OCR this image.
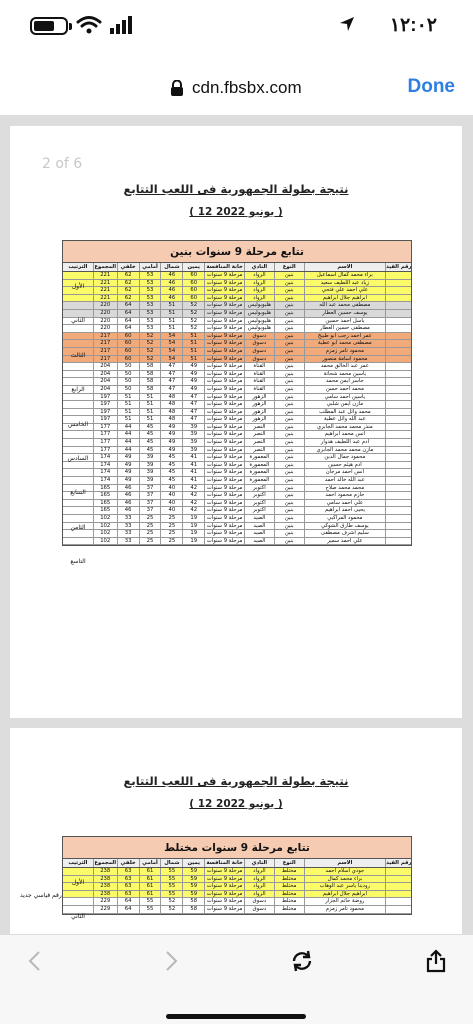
١٢:٠٢
cdn.fbsbx.com	Done
2 of 6
نتيجة بطولة الجمهورية فى اللعب التتابع
( 12 يونيو 2022 )
تتابع مرحلة 9 سنوات بنين
رقم القيد
الاسم
النوع
النادي
خانة المنافسة
يمين
شمال
أمامي
خلفي
المجموع
الترتيب
براء محمد كمال اسماعيل
بنين
الرواد
مرحلة 9 سنوات
60
46
53
62
221
زياد عبد اللطيف سعيد
بنين
الرواد
مرحلة 9 سنوات
60
46
53
62
221
علي أحمد علي فتحي
بنين
الرواد
مرحلة 9 سنوات
60
46
53
62
221
ابراهيم جلال ابراهيم
بنين
الرواد
مرحلة 9 سنوات
60
46
53
62
221
مصطفى محمد عبد الله
بنين
هليوبوليس
مرحلة 9 سنوات
52
51
53
64
220
يوسف حسين العطار
بنين
هليوبوليس
مرحلة 9 سنوات
52
51
53
64
220
باسل أحمد حسين
بنين
هليوبوليس
مرحلة 9 سنوات
52
51
53
64
220
مصطفى حسين العطار
بنين
هليوبوليس
مرحلة 9 سنوات
52
51
53
64
220
عمر أحمد رجب أبو طبيخ
بنين
دسوق
مرحلة 9 سنوات
51
54
52
60
217
مصطفى محمد أبو عطية
بنين
دسوق
مرحلة 9 سنوات
51
54
52
60
217
محمود تامر زمزم
بنين
دسوق
مرحلة 9 سنوات
51
54
52
60
217
محمود أسامة منصور
بنين
دسوق
مرحلة 9 سنوات
51
54
52
60
217
عمر عبد الخالق محمد
بنين
القناة
مرحلة 9 سنوات
49
47
58
50
204
ياسين محمد شحاتة
بنين
القناة
مرحلة 9 سنوات
49
47
58
50
204
جاسر أيمن محمد
بنين
القناة
مرحلة 9 سنوات
49
47
58
50
204
محمد أحمد حسن
بنين
القناة
مرحلة 9 سنوات
49
47
58
50
204
ياسين أحمد سامي
بنين
الزهور
مرحلة 9 سنوات
47
48
51
51
197
مازن أيمن شلبي
بنين
الزهور
مرحلة 9 سنوات
47
48
51
51
197
محمد وائل عبد المطلب
بنين
الزهور
مرحلة 9 سنوات
47
48
51
51
197
عبد الله وائل عطية
بنين
الزهور
مرحلة 9 سنوات
47
48
51
51
197
منذر محمد محمد الجابري
بنين
النصر
مرحلة 9 سنوات
39
49
45
44
177
أنس محمد ابراهيم
بنين
النصر
مرحلة 9 سنوات
39
49
45
44
177
آدم عبد اللطيف هدوار
بنين
النصر
مرحلة 9 سنوات
39
49
45
44
177
مازن محمد محمد الجابري
بنين
النصر
مرحلة 9 سنوات
39
49
45
44
177
محمود جمال الدين
بنين
المعمورة
مرحلة 9 سنوات
41
45
39
49
174
آدم هيثم حسين
بنين
المعمورة
مرحلة 9 سنوات
41
45
39
49
174
انس أحمد مرجان
بنين
المعمورة
مرحلة 9 سنوات
41
45
39
49
174
عبد الله خالد أحمد
بنين
المعمورة
مرحلة 9 سنوات
41
45
39
49
174
محمد محمد صلاح
بنين
أكتوبر
مرحلة 9 سنوات
42
40
37
46
165
حازم محمود أحمد
بنين
أكتوبر
مرحلة 9 سنوات
42
40
37
46
165
علي أحمد سامي
بنين
أكتوبر
مرحلة 9 سنوات
42
40
37
46
165
يحيى أحمد ابراهيم
بنين
أكتوبر
مرحلة 9 سنوات
42
40
37
46
165
محمود المراكبي
بنين
الصيد
مرحلة 9 سنوات
19
25
25
33
102
يوسف طارق الشوكي
بنين
الصيد
مرحلة 9 سنوات
19
25
25
33
102
سليم اشرف مصطفى
بنين
الصيد
مرحلة 9 سنوات
19
25
25
33
102
علي أحمد سمير
بنين
الصيد
مرحلة 9 سنوات
19
25
25
33
102
الأول
الثاني
الثالث
الرابع
الخامس
السادس
السابع
الثامن
التاسع
نتيجة بطولة الجمهورية فى اللعب التتابع
( 12 يونيو 2022 )
تتابع مرحلة 9 سنوات مختلط
رقم القيد
الاسم
النوع
النادي
خانة المنافسة
يمين
شمال
أمامي
خلفي
المجموع
الترتيب
جودي اسلام أحمد
مختلط
الرواد
مرحلة 9 سنوات
59
55
61
63
238
براء محمد كمال
مختلط
الرواد
مرحلة 9 سنوات
59
55
61
63
238
رودينا ياسر عبد الوهاب
مختلط
الرواد
مرحلة 9 سنوات
59
55
61
63
238
ابراهيم جلال ابراهيم
مختلط
الرواد
مرحلة 9 سنوات
59
55
61
63
238
روضة حاتم الجزار
مختلط
دسوق
مرحلة 9 سنوات
58
52
55
64
229
محمود تامر زمزم
مختلط
دسوق
مرحلة 9 سنوات
58
52
55
64
229
الأول
الثاني
رقم قياسي جديد
